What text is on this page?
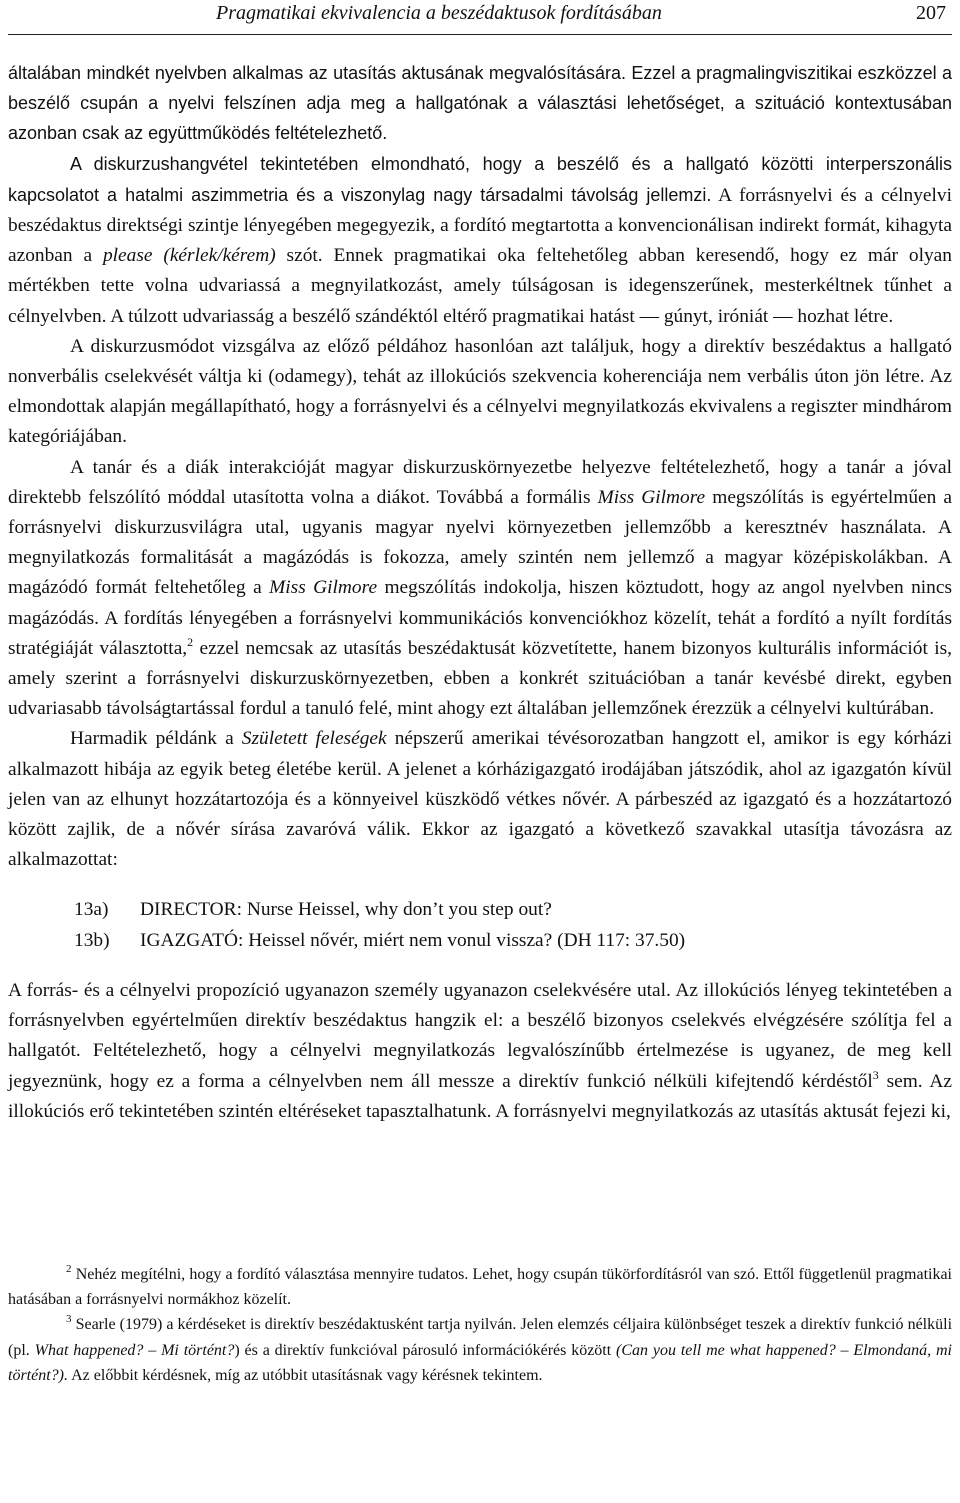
Pragmatikai ekvivalencia a beszédaktusok fordításában	207

általában mindkét nyelvben alkalmas az utasítás aktusának megvalósítására. Ezzel a pragmalingviszitikai eszközzel a beszélő csupán a nyelvi felszínen adja meg a hallgatónak a választási lehetőséget, a szituáció kontextusában azonban csak az együttműködés feltételezhető.

A diskurzushangvétel tekintetében elmondható, hogy a beszélő és a hallgató közötti interperszonális kapcsolatot a hatalmi aszimmetria és a viszonylag nagy társadalmi távolság jellemzi. A forrásnyelvi és a célnyelvi beszédaktus direktségi szintje lényegében megegyezik, a fordító megtartotta a konvencionálisan indirekt formát, kihagyta azonban a please (kérlek/kérem) szót. Ennek pragmatikai oka feltehetőleg abban keresendő, hogy ez már olyan mértékben tette volna udvariassá a megnyilatkozást, amely túlságosan is idegenszerűnek, mesterkéltnek tűnhet a célnyelvben. A túlzott udvariasság a beszélő szándéktól eltérő pragmatikai hatást — gúnyt, iróniát — hozhat létre.

A diskurzusmódot vizsgálva az előző példához hasonlóan azt találjuk, hogy a direktív beszédaktus a hallgató nonverbális cselekvését váltja ki (odamegy), tehát az illokúciós szekvencia koherenciája nem verbális úton jön létre. Az elmondottak alapján megállapítható, hogy a forrásnyelvi és a célnyelvi megnyilatkozás ekvivalens a regiszter mindhárom kategóriájában.

A tanár és a diák interakcióját magyar diskurzuskörnyezetbe helyezve feltételezhető, hogy a tanár a jóval direktebb felszólító móddal utasította volna a diákot. Továbbá a formális Miss Gilmore megszólítás is egyértelműen a forrásnyelvi diskurzusvilágra utal, ugyanis magyar nyelvi környezetben jellemzőbb a keresztnév használata. A megnyilatkozás formalitását a magázódás is fokozza, amely szintén nem jellemző a magyar középiskolákban. A magázódó formát feltehetőleg a Miss Gilmore megszólítás indokolja, hiszen köztudott, hogy az angol nyelvben nincs magázódás. A fordítás lényegében a forrásnyelvi kommunikációs konvenciókhoz közelít, tehát a fordító a nyílt fordítás stratégiáját választotta,$^2$ ezzel nemcsak az utasítás beszédaktusát közvetítette, hanem bizonyos kulturális információt is, amely szerint a forrásnyelvi diskurzuskörnyezetben, ebben a konkrét szituációban a tanár kevésbé direkt, egyben udvariasabb távolságtartással fordul a tanuló felé, mint ahogy ezt általában jellemzőnek érezzük a célnyelvi kultúrában.

Harmadik példánk a Született feleségek népszerű amerikai tévésorozatban hangzott el, amikor is egy kórházi alkalmazott hibája az egyik beteg életébe kerül. A jelenet a kórházigazgató irodájában játszódik, ahol az igazgatón kívül jelen van az elhunyt hozzátartozója és a könnyeivel küszködő vétkes nővér. A párbeszéd az igazgató és a hozzátartozó között zajlik, de a nővér sírása zavaróvá válik. Ekkor az igazgató a következő szavakkal utasítja távozásra az alkalmazottat:

13a)	DIRECTOR: Nurse Heissel, why don’t you step out?
13b)	IGAZGATÓ: Heissel nővér, miért nem vonul vissza? (DH 117: 37.50)

A forrás- és a célnyelvi propozíció ugyanazon személy ugyanazon cselekvésére utal. Az illokúciós lényeg tekintetében a forrásnyelvben egyértelműen direktív beszédaktus hangzik el: a beszélő bizonyos cselekvés elvégzésére szólítja fel a hallgatót. Feltételezhető, hogy a célnyelvi megnyilatkozás legvalószínűbb értelmezése is ugyanez, de meg kell jegyeznünk, hogy ez a forma a célnyelvben nem áll messze a direktív funkció nélküli kifejtendő kérdéstől$^3$ sem. Az illokúciós erő tekintetében szintén eltéréseket tapasztalhatunk. A forrásnyelvi megnyilatkozás az utasítás aktusát fejezi ki,

$^2$ Nehéz megítélni, hogy a fordító választása mennyire tudatos. Lehet, hogy csupán tükörfordításról van szó. Ettől függetlenül pragmatikai hatásában a forrásnyelvi normákhoz közelít.

$^3$ Searle (1979) a kérdéseket is direktív beszédaktusként tartja nyilván. Jelen elemzés céljaira különbséget teszek a direktív funkció nélküli (pl. What happened? – Mi történt?) és a direktív funkcióval párosuló információkérés között (Can you tell me what happened? – Elmondaná, mi történt?). Az előbbit kérdésnek, míg az utóbbit utasításnak vagy kérésnek tekintem.
